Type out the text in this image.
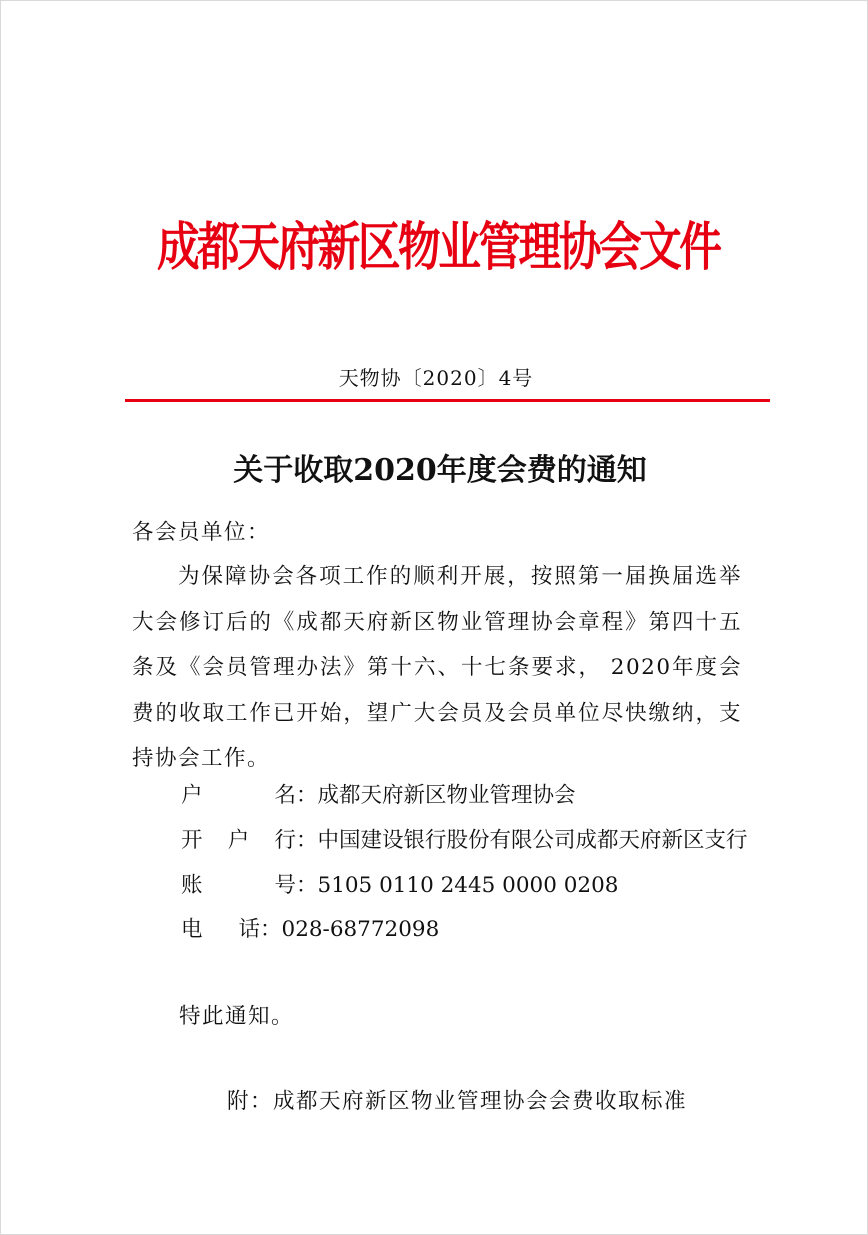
成都天府新区物业管理协会文件
天物协〔2020〕4号
关于收取2020年度会费的通知
各会员单位：
为保障协会各项工作的顺利开展，按照第一届换届选举大会修订后的《成都天府新区物业管理协会章程》第四十五条及《会员管理办法》第十六、十七条要求， 2020年度会费的收取工作已开始，望广大会员及会员单位尽快缴纳，支持协会工作。
户名：成都天府新区物业管理协会
开户行：中国建设银行股份有限公司成都天府新区支行
账号：5105 0110 2445 0000 0208
电话：028-68772098
特此通知。
附：成都天府新区物业管理协会会费收取标准
